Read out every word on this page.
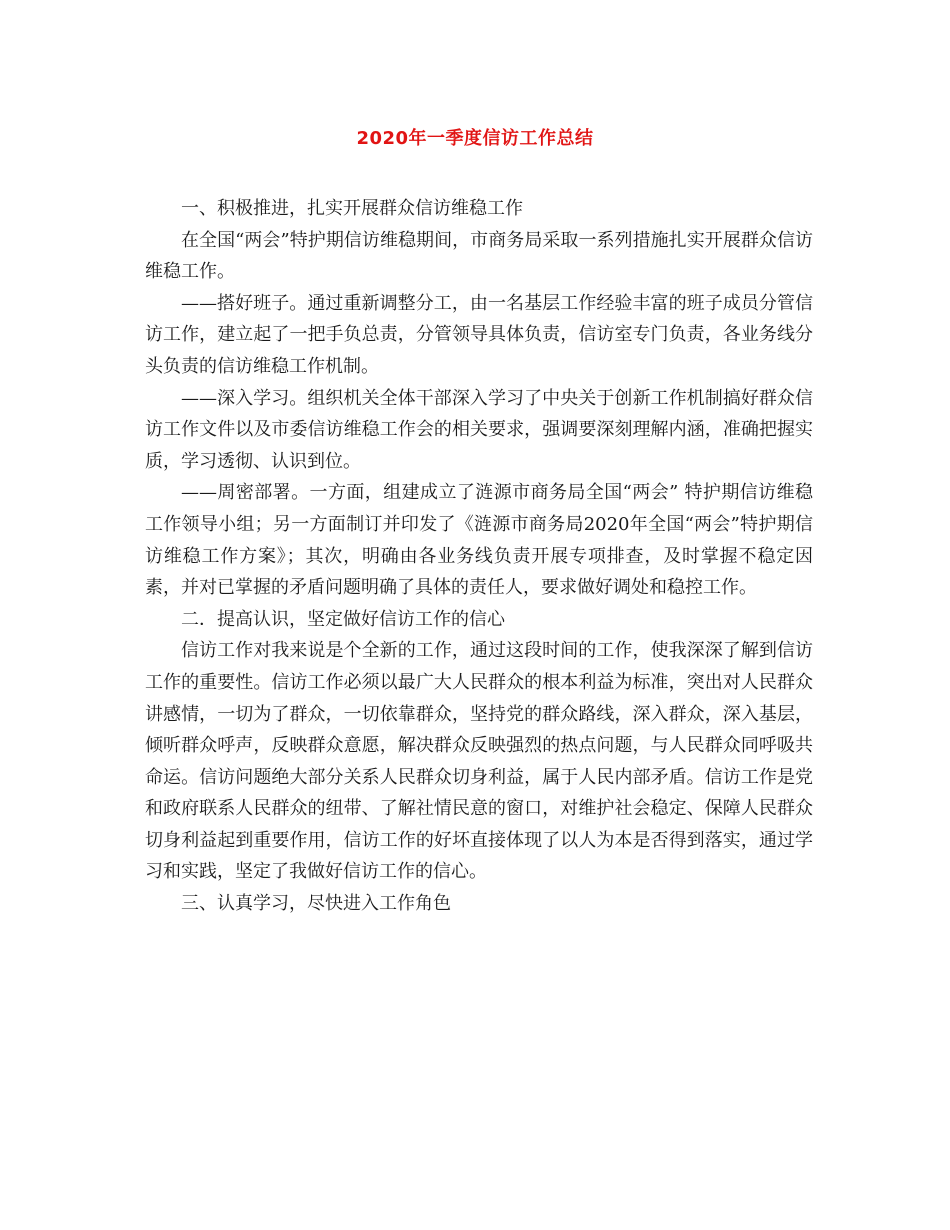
2020年一季度信访工作总结

一、积极推进，扎实开展群众信访维稳工作

在全国“两会”特护期信访维稳期间，市商务局采取一系列措施扎实开展群众信访维稳工作。

——搭好班子。通过重新调整分工，由一名基层工作经验丰富的班子成员分管信访工作，建立起了一把手负总责，分管领导具体负责，信访室专门负责，各业务线分头负责的信访维稳工作机制。

——深入学习。组织机关全体干部深入学习了中央关于创新工作机制搞好群众信访工作文件以及市委信访维稳工作会的相关要求，强调要深刻理解内涵，准确把握实质，学习透彻、认识到位。

——周密部署。一方面，组建成立了涟源市商务局全国“两会” 特护期信访维稳工作领导小组；另一方面制订并印发了《涟源市商务局2020年全国“两会”特护期信访维稳工作方案》；其次，明确由各业务线负责开展专项排查，及时掌握不稳定因素，并对已掌握的矛盾问题明确了具体的责任人，要求做好调处和稳控工作。

二．提高认识，坚定做好信访工作的信心

信访工作对我来说是个全新的工作，通过这段时间的工作，使我深深了解到信访工作的重要性。信访工作必须以最广大人民群众的根本利益为标准，突出对人民群众讲感情，一切为了群众，一切依靠群众，坚持党的群众路线，深入群众，深入基层，倾听群众呼声，反映群众意愿，解决群众反映强烈的热点问题，与人民群众同呼吸共命运。信访问题绝大部分关系人民群众切身利益，属于人民内部矛盾。信访工作是党和政府联系人民群众的纽带、了解社情民意的窗口，对维护社会稳定、保障人民群众切身利益起到重要作用，信访工作的好坏直接体现了以人为本是否得到落实，通过学习和实践，坚定了我做好信访工作的信心。

三、认真学习，尽快进入工作角色
